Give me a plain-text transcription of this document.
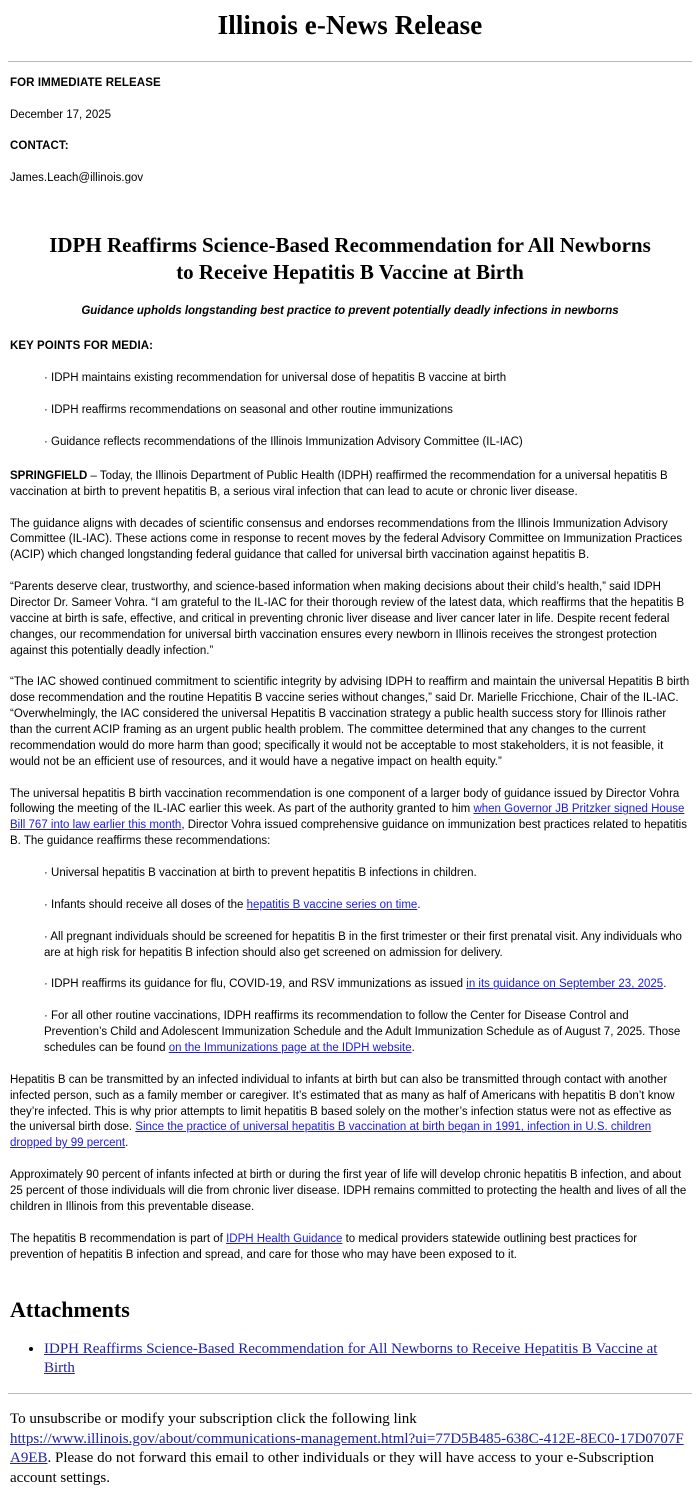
Illinois e-News Release
FOR IMMEDIATE RELEASE
December 17, 2025
CONTACT:
James.Leach@illinois.gov
IDPH Reaffirms Science-Based Recommendation for All Newborns to Receive Hepatitis B Vaccine at Birth
Guidance upholds longstanding best practice to prevent potentially deadly infections in newborns
KEY POINTS FOR MEDIA:
· IDPH maintains existing recommendation for universal dose of hepatitis B vaccine at birth
· IDPH reaffirms recommendations on seasonal and other routine immunizations
· Guidance reflects recommendations of the Illinois Immunization Advisory Committee (IL-IAC)

SPRINGFIELD – Today, the Illinois Department of Public Health (IDPH) reaffirmed the recommendation for a universal hepatitis B vaccination at birth to prevent hepatitis B, a serious viral infection that can lead to acute or chronic liver disease.

The guidance aligns with decades of scientific consensus and endorses recommendations from the Illinois Immunization Advisory Committee (IL-IAC). These actions come in response to recent moves by the federal Advisory Committee on Immunization Practices (ACIP) which changed longstanding federal guidance that called for universal birth vaccination against hepatitis B.

“Parents deserve clear, trustworthy, and science-based information when making decisions about their child’s health,” said IDPH Director Dr. Sameer Vohra. “I am grateful to the IL-IAC for their thorough review of the latest data, which reaffirms that the hepatitis B vaccine at birth is safe, effective, and critical in preventing chronic liver disease and liver cancer later in life. Despite recent federal changes, our recommendation for universal birth vaccination ensures every newborn in Illinois receives the strongest protection against this potentially deadly infection.”

“The IAC showed continued commitment to scientific integrity by advising IDPH to reaffirm and maintain the universal Hepatitis B birth dose recommendation and the routine Hepatitis B vaccine series without changes,” said Dr. Marielle Fricchione, Chair of the IL-IAC. “Overwhelmingly, the IAC considered the universal Hepatitis B vaccination strategy a public health success story for Illinois rather than the current ACIP framing as an urgent public health problem. The committee determined that any changes to the current recommendation would do more harm than good; specifically it would not be acceptable to most stakeholders, it is not feasible, it would not be an efficient use of resources, and it would have a negative impact on health equity.”

The universal hepatitis B birth vaccination recommendation is one component of a larger body of guidance issued by Director Vohra following the meeting of the IL-IAC earlier this week. As part of the authority granted to him when Governor JB Pritzker signed House Bill 767 into law earlier this month, Director Vohra issued comprehensive guidance on immunization best practices related to hepatitis B. The guidance reaffirms these recommendations:

· Universal hepatitis B vaccination at birth to prevent hepatitis B infections in children.
· Infants should receive all doses of the hepatitis B vaccine series on time.
· All pregnant individuals should be screened for hepatitis B in the first trimester or their first prenatal visit. Any individuals who are at high risk for hepatitis B infection should also get screened on admission for delivery.
· IDPH reaffirms its guidance for flu, COVID-19, and RSV immunizations as issued in its guidance on September 23, 2025.
· For all other routine vaccinations, IDPH reaffirms its recommendation to follow the Center for Disease Control and Prevention’s Child and Adolescent Immunization Schedule and the Adult Immunization Schedule as of August 7, 2025. Those schedules can be found on the Immunizations page at the IDPH website.

Hepatitis B can be transmitted by an infected individual to infants at birth but can also be transmitted through contact with another infected person, such as a family member or caregiver. It’s estimated that as many as half of Americans with hepatitis B don’t know they’re infected. This is why prior attempts to limit hepatitis B based solely on the mother’s infection status were not as effective as the universal birth dose. Since the practice of universal hepatitis B vaccination at birth began in 1991, infection in U.S. children dropped by 99 percent.

Approximately 90 percent of infants infected at birth or during the first year of life will develop chronic hepatitis B infection, and about 25 percent of those individuals will die from chronic liver disease. IDPH remains committed to protecting the health and lives of all the children in Illinois from this preventable disease.

The hepatitis B recommendation is part of IDPH Health Guidance to medical providers statewide outlining best practices for prevention of hepatitis B infection and spread, and care for those who may have been exposed to it.

Attachments
• IDPH Reaffirms Science-Based Recommendation for All Newborns to Receive Hepatitis B Vaccine at Birth
To unsubscribe or modify your subscription click the following link
https://www.illinois.gov/about/communications-management.html?ui=77D5B485-638C-412E-8EC0-17D0707FA9EB. Please do not forward this email to other individuals or they will have access to your e-Subscription account settings.
